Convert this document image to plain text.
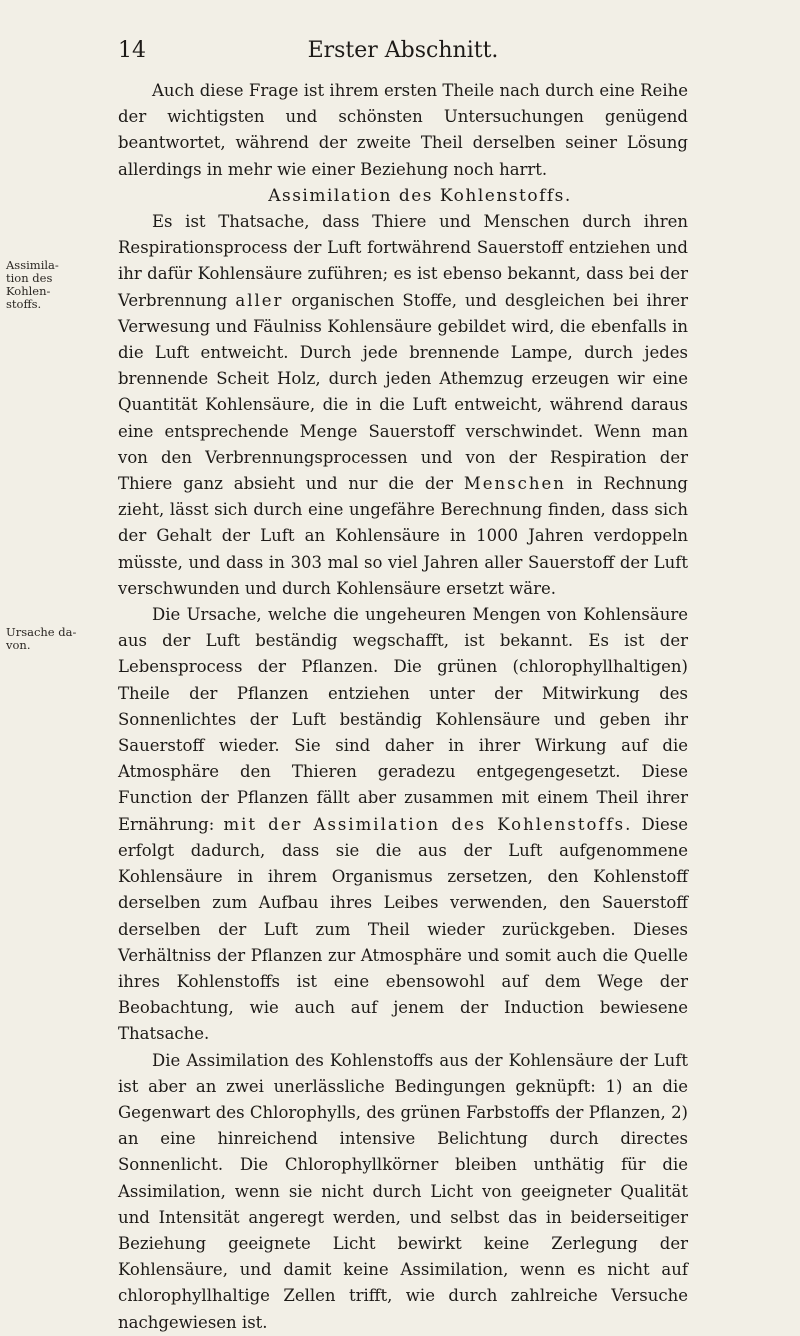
14	Erster Abschnitt.
Assimila-
tion des
Kohlen-
stoffs.
Ursache da-
von.

Auch diese Frage ist ihrem ersten Theile nach durch eine Reihe der wichtigsten und schönsten Untersuchungen genügend beantwortet, während der zweite Theil derselben seiner Lösung allerdings in mehr wie einer Beziehung noch harrt.

Assimilation des Kohlenstoffs.

Es ist Thatsache, dass Thiere und Menschen durch ihren Respirationsprocess der Luft fortwährend Sauerstoff entziehen und ihr dafür Kohlensäure zuführen; es ist ebenso bekannt, dass bei der Verbrennung aller organischen Stoffe, und desgleichen bei ihrer Verwesung und Fäulniss Kohlensäure gebildet wird, die ebenfalls in die Luft entweicht. Durch jede brennende Lampe, durch jedes brennende Scheit Holz, durch jeden Athemzug erzeugen wir eine Quantität Kohlensäure, die in die Luft entweicht, während daraus eine entsprechende Menge Sauerstoff verschwindet. Wenn man von den Verbrennungsprocessen und von der Respiration der Thiere ganz absieht und nur die der Menschen in Rechnung zieht, lässt sich durch eine ungefähre Berechnung finden, dass sich der Gehalt der Luft an Kohlensäure in 1000 Jahren verdoppeln müsste, und dass in 303 mal so viel Jahren aller Sauerstoff der Luft verschwunden und durch Kohlensäure ersetzt wäre.

Die Ursache, welche die ungeheuren Mengen von Kohlensäure aus der Luft beständig wegschafft, ist bekannt. Es ist der Lebensprocess der Pflanzen. Die grünen (chlorophyllhaltigen) Theile der Pflanzen entziehen unter der Mitwirkung des Sonnenlichtes der Luft beständig Kohlensäure und geben ihr Sauerstoff wieder. Sie sind daher in ihrer Wirkung auf die Atmosphäre den Thieren geradezu entgegengesetzt. Diese Function der Pflanzen fällt aber zusammen mit einem Theil ihrer Ernährung: mit der Assimilation des Kohlenstoffs. Diese erfolgt dadurch, dass sie die aus der Luft aufgenommene Kohlensäure in ihrem Organismus zersetzen, den Kohlenstoff derselben zum Aufbau ihres Leibes verwenden, den Sauerstoff derselben der Luft zum Theil wieder zurückgeben. Dieses Verhältniss der Pflanzen zur Atmosphäre und somit auch die Quelle ihres Kohlenstoffs ist eine ebensowohl auf dem Wege der Beobachtung, wie auch auf jenem der Induction bewiesene Thatsache.

Die Assimilation des Kohlenstoffs aus der Kohlensäure der Luft ist aber an zwei unerlässliche Bedingungen geknüpft: 1) an die Gegenwart des Chlorophylls, des grünen Farbstoffs der Pflanzen, 2) an eine hinreichend intensive Belichtung durch directes Sonnenlicht. Die Chlorophyllkörner bleiben unthätig für die Assimilation, wenn sie nicht durch Licht von geeigneter Qualität und Intensität angeregt werden, und selbst das in beiderseitiger Beziehung geeignete Licht bewirkt keine Zerlegung der Kohlensäure, und damit keine Assimilation, wenn es nicht auf chlorophyllhaltige Zellen trifft, wie durch zahlreiche Versuche nachgewiesen ist.
